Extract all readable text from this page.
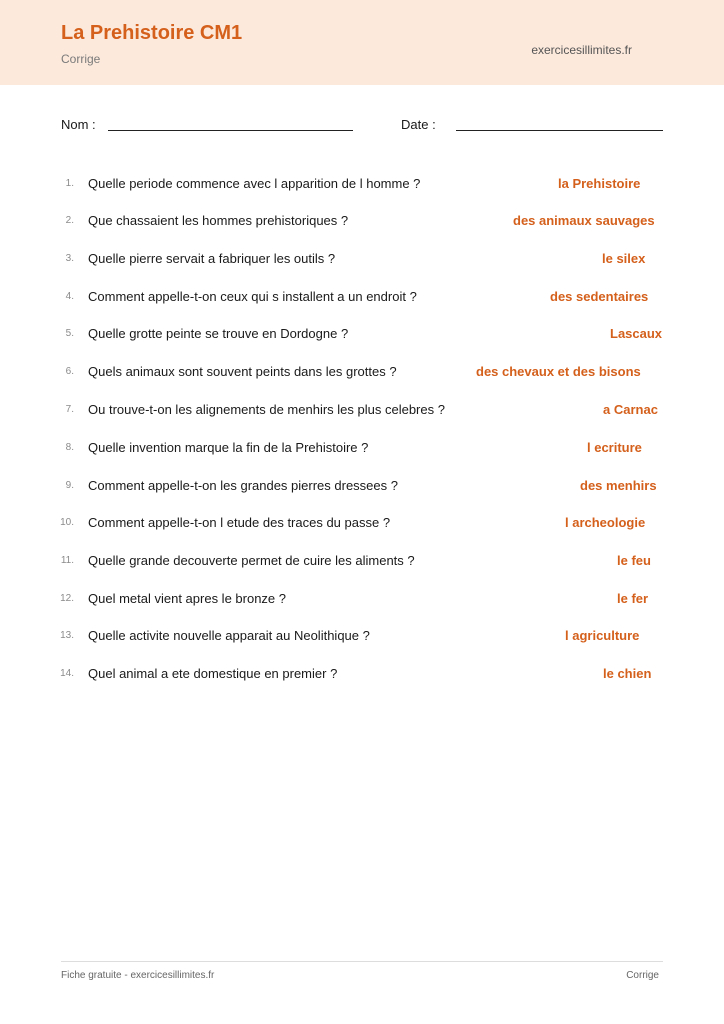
La Prehistoire CM1
Corrige
exercicesillimites.fr
Nom :	Date :
1. Quelle periode commence avec l apparition de l homme ?	la Prehistoire
2. Que chassaient les hommes prehistoriques ?	des animaux sauvages
3. Quelle pierre servait a fabriquer les outils ?	le silex
4. Comment appelle-t-on ceux qui s installent a un endroit ?	des sedentaires
5. Quelle grotte peinte se trouve en Dordogne ?	Lascaux
6. Quels animaux sont souvent peints dans les grottes ?	des chevaux et des bisons
7. Ou trouve-t-on les alignements de menhirs les plus celebres ?	a Carnac
8. Quelle invention marque la fin de la Prehistoire ?	l ecriture
9. Comment appelle-t-on les grandes pierres dressees ?	des menhirs
10. Comment appelle-t-on l etude des traces du passe ?	l archeologie
11. Quelle grande decouverte permet de cuire les aliments ?	le feu
12. Quel metal vient apres le bronze ?	le fer
13. Quelle activite nouvelle apparait au Neolithique ?	l agriculture
14. Quel animal a ete domestique en premier ?	le chien
Fiche gratuite - exercicesillimites.fr	Corrige
